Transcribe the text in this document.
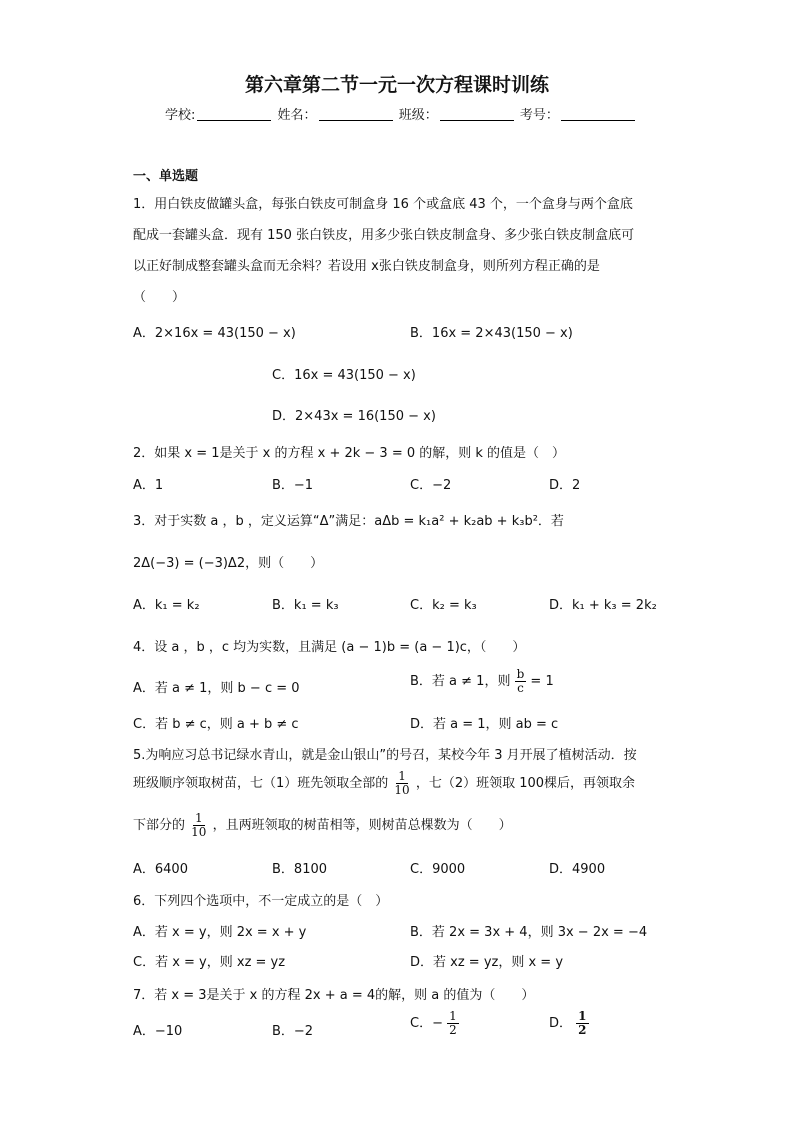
第六章第二节一元一次方程课时训练
学校:	姓名：	班级：	考号：
一、单选题
1．用白铁皮做罐头盒，每张白铁皮可制盒身 16 个或盒底 43 个，一个盒身与两个盒底
配成一套罐头盒．现有 150 张白铁皮，用多少张白铁皮制盒身、多少张白铁皮制盒底可
以正好制成整套罐头盒而无余料？若设用 x张白铁皮制盒身，则所列方程正确的是
（　　）
A．2×16x = 43(150 − x)	B．16x = 2×43(150 − x)
C．16x = 43(150 − x)
D．2×43x = 16(150 − x)
2．如果 x = 1是关于 x 的方程 x + 2k − 3 = 0 的解，则 k 的值是（　）
A．1	B．−1	C．−2	D．2
3．对于实数 a ，b ，定义运算“Δ”满足：aΔb = k₁a² + k₂ab + k₃b²．若
2Δ(−3) = (−3)Δ2，则（　　）
A．k₁ = k₂	B．k₁ = k₃	C．k₂ = k₃	D．k₁ + k₃ = 2k₂
4．设 a ，b ，c 均为实数，且满足 (a − 1)b = (a − 1)c，（　　）
A．若 a ≠ 1，则 b − c = 0	B．若 a ≠ 1，则 $\frac{b}{c} = 1$
C．若 b ≠ c，则 a + b ≠ c	D．若 a = 1，则 ab = c
5.为响应习总书记绿水青山，就是金山银山”的号召，某校今年 3 月开展了植树活动．按
班级顺序领取树苗，七（1）班先领取全部的 $\frac{1}{10}$ ，七（2）班领取 100棵后，再领取余
下部分的 $\frac{1}{10}$ ，且两班领取的树苗相等，则树苗总棵数为（　　）
A．6400	B．8100	C．9000	D．4900
6．下列四个选项中，不一定成立的是（　）
A．若 x = y，则 2x = x + y	B．若 2x = 3x + 4，则 3x − 2x = −4
C．若 x = y，则 xz = yz	D．若 xz = yz，则 x = y
7．若 x = 3是关于 x 的方程 2x + a = 4的解，则 a 的值为（　　）
A．−10	B．−2
C．− $\frac{1}{2}$	D． $\frac{1}{2}$
